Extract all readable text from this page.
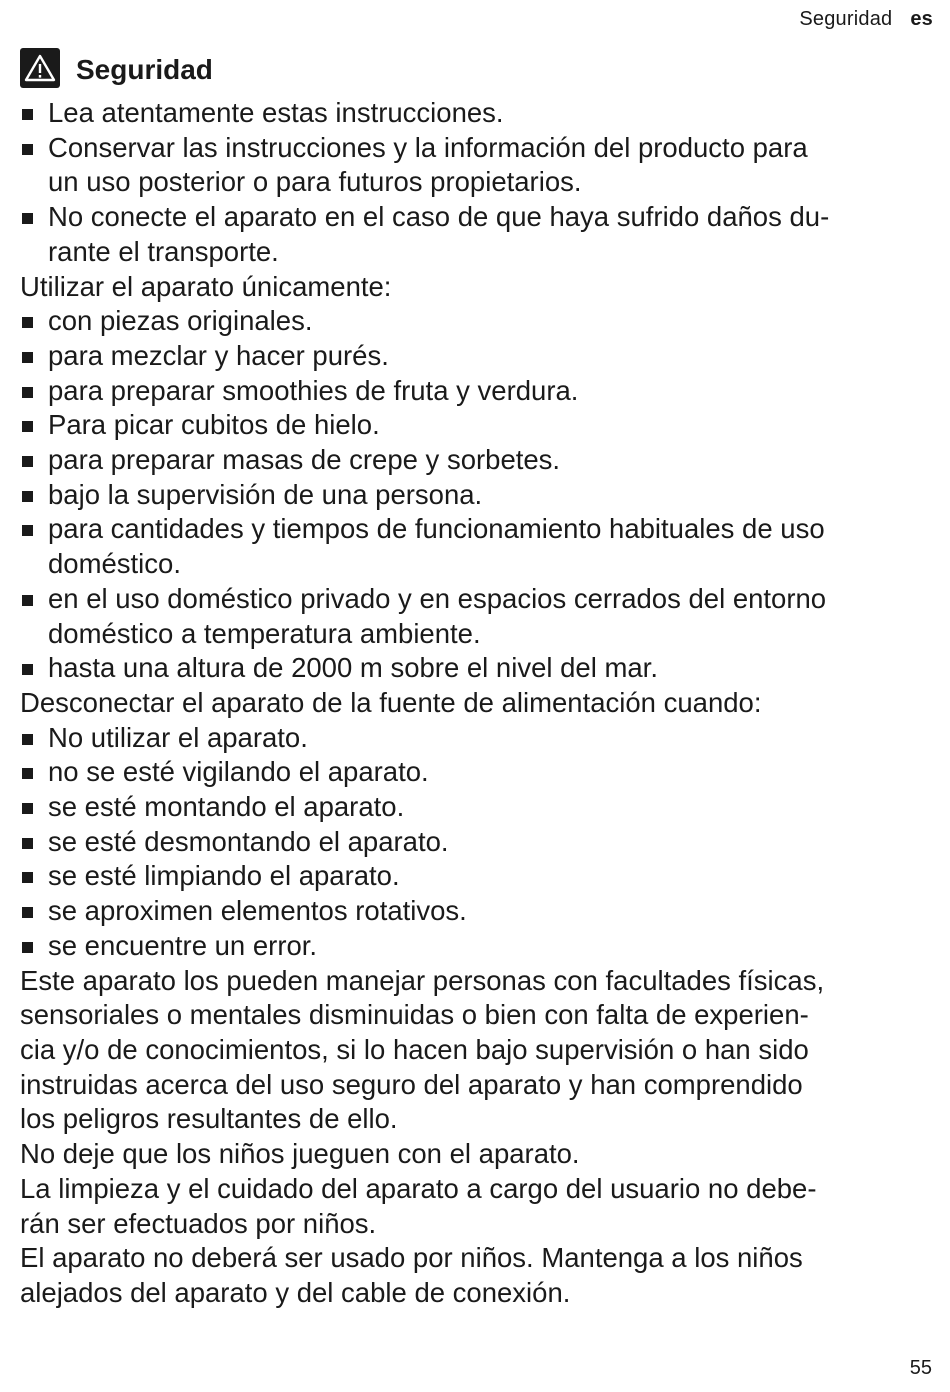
Seguridad es
Seguridad
Lea atentamente estas instrucciones.
Conservar las instrucciones y la información del producto para
un uso posterior o para futuros propietarios.
No conecte el aparato en el caso de que haya sufrido daños du-
rante el transporte.
Utilizar el aparato únicamente:
con piezas originales.
para mezclar y hacer purés.
para preparar smoothies de fruta y verdura.
Para picar cubitos de hielo.
para preparar masas de crepe y sorbetes.
bajo la supervisión de una persona.
para cantidades y tiempos de funcionamiento habituales de uso
doméstico.
en el uso doméstico privado y en espacios cerrados del entorno
doméstico a temperatura ambiente.
hasta una altura de 2000 m sobre el nivel del mar.
Desconectar el aparato de la fuente de alimentación cuando:
No utilizar el aparato.
no se esté vigilando el aparato.
se esté montando el aparato.
se esté desmontando el aparato.
se esté limpiando el aparato.
se aproximen elementos rotativos.
se encuentre un error.
Este aparato los pueden manejar personas con facultades físicas,
sensoriales o mentales disminuidas o bien con falta de experien-
cia y/o de conocimientos, si lo hacen bajo supervisión o han sido
instruidas acerca del uso seguro del aparato y han comprendido
los peligros resultantes de ello.
No deje que los niños jueguen con el aparato.
La limpieza y el cuidado del aparato a cargo del usuario no debe-
rán ser efectuados por niños.
El aparato no deberá ser usado por niños. Mantenga a los niños
alejados del aparato y del cable de conexión.
55
